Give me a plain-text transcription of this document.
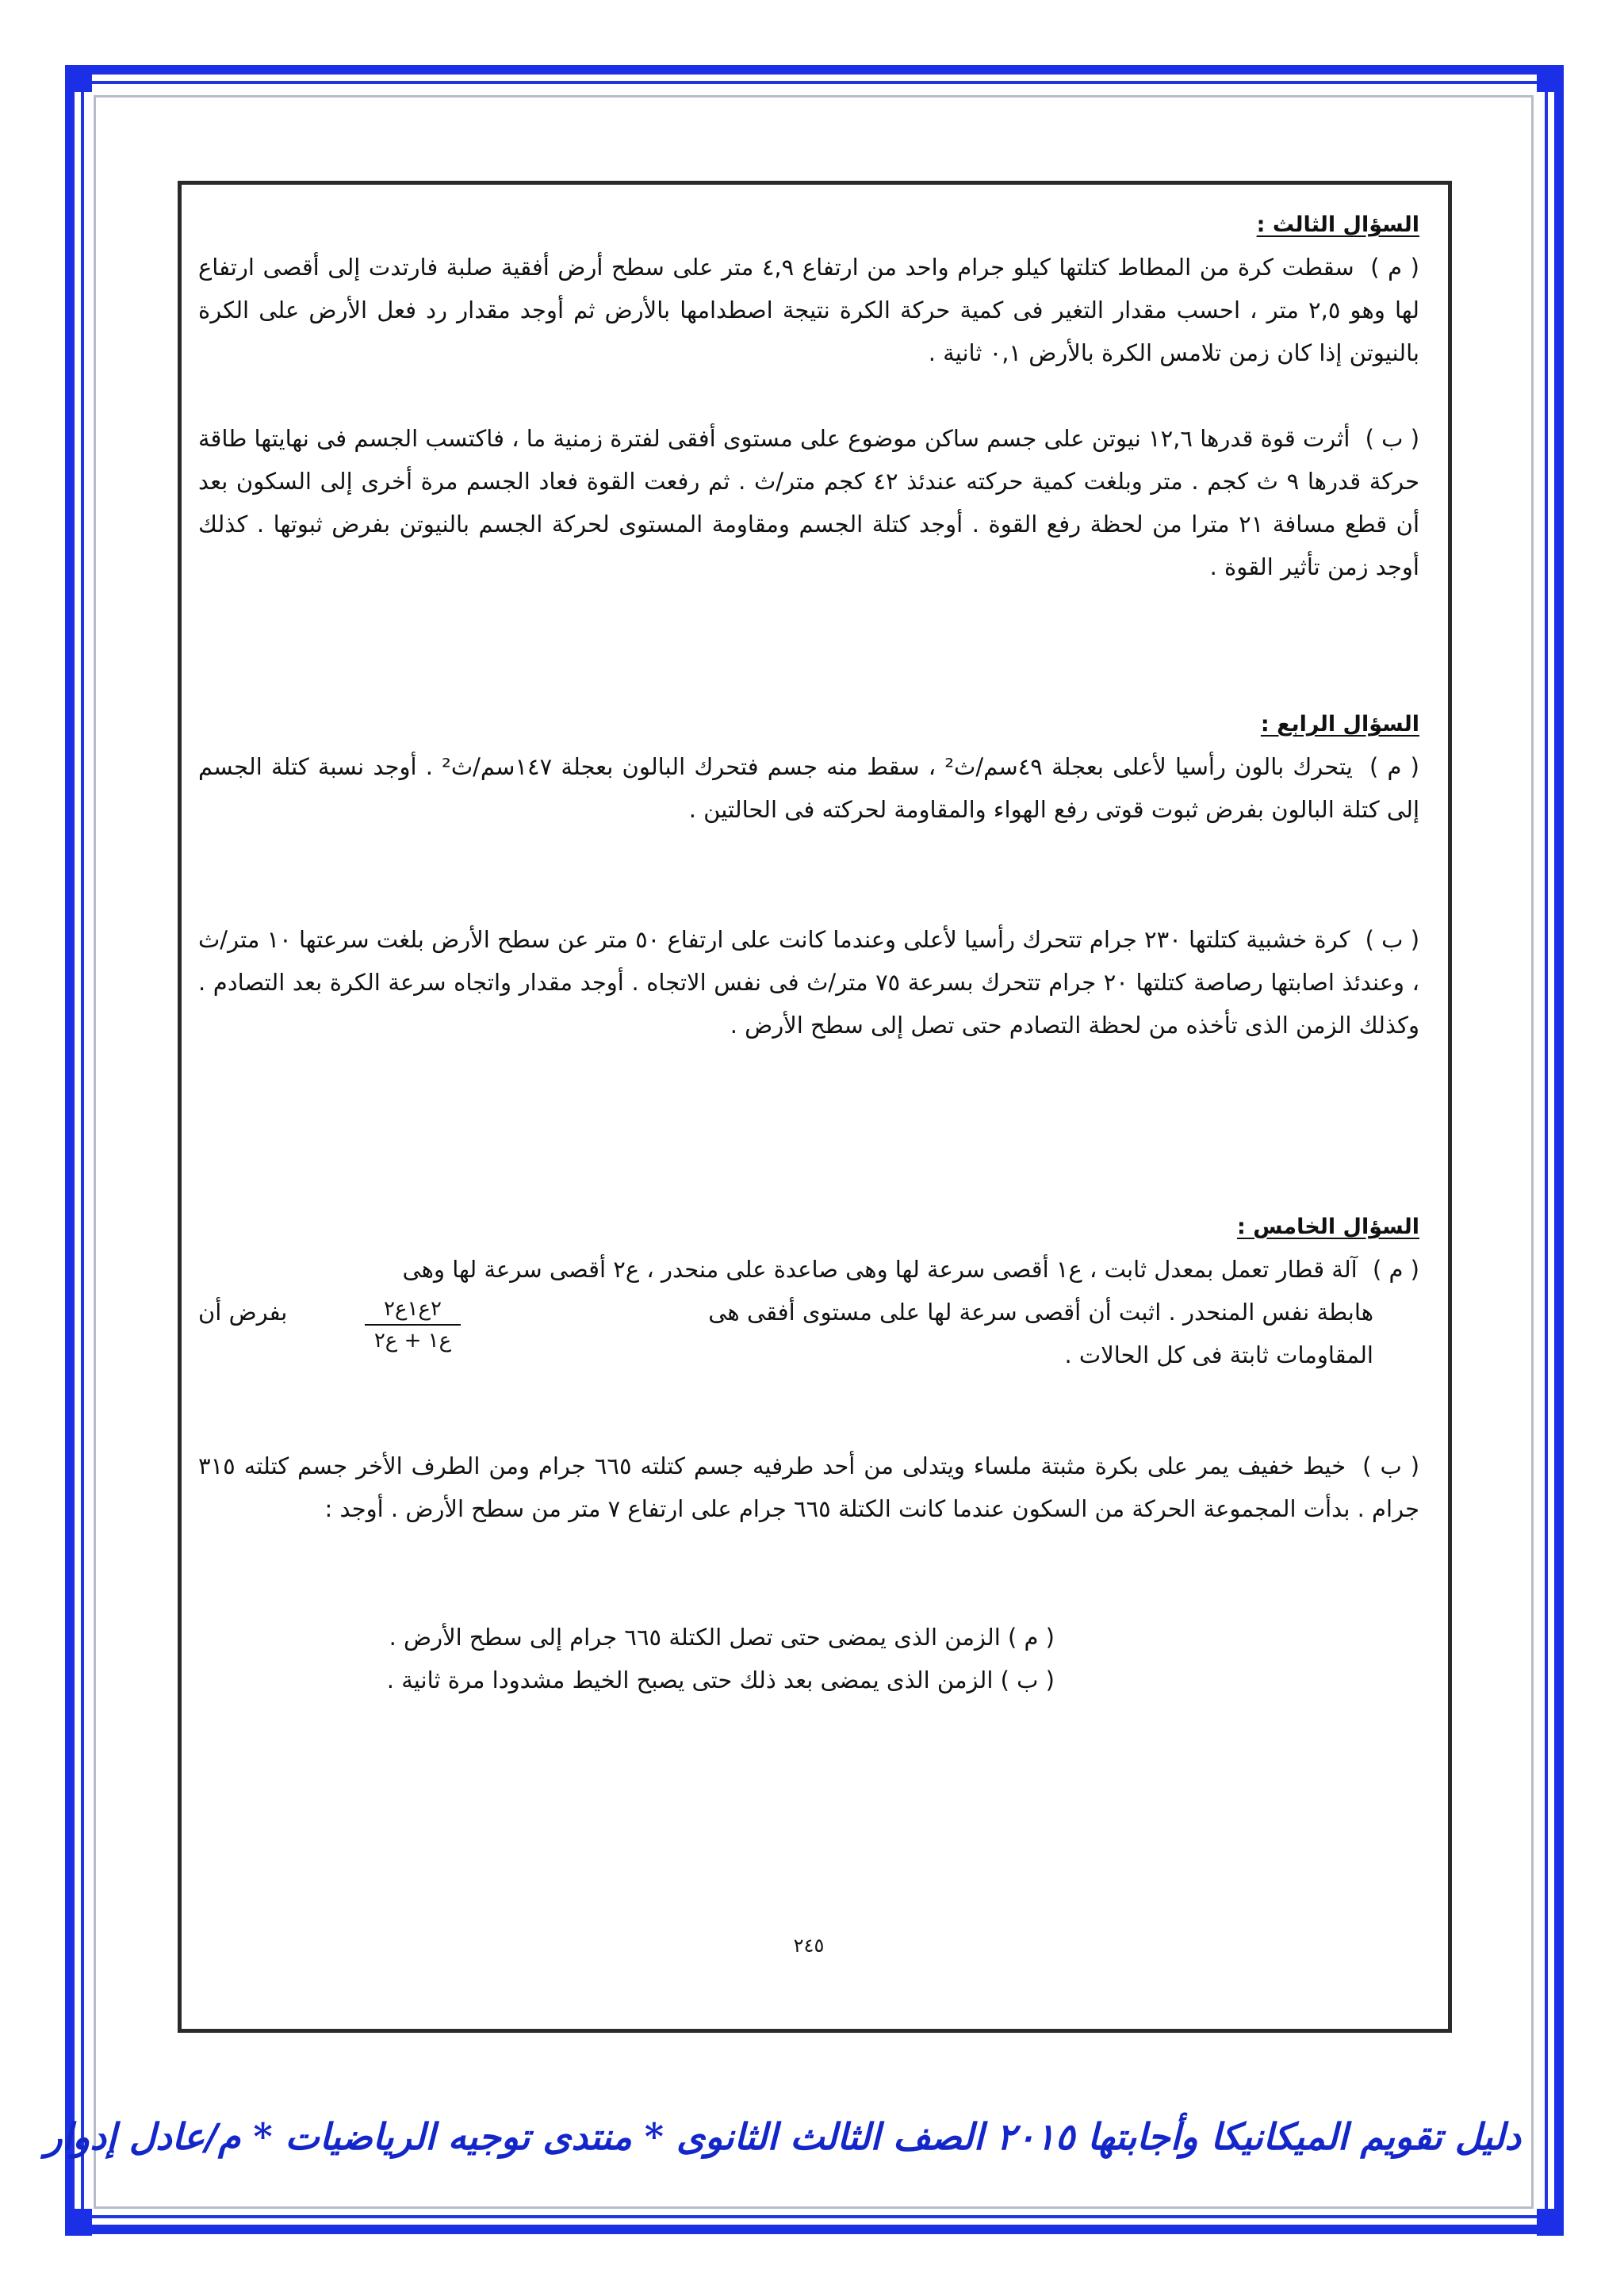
السؤال الثالث :
( م ) سقطت كرة من المطاط كتلتها كيلو جرام واحد من ارتفاع ٤,٩ متر على سطح أرض أفقية صلبة فارتدت إلى أقصى ارتفاع لها وهو ٢,٥ متر ، احسب مقدار التغير فى كمية حركة الكرة نتيجة اصطدامها بالأرض ثم أوجد مقدار رد فعل الأرض على الكرة بالنيوتن إذا كان زمن تلامس الكرة بالأرض ٠,١ ثانية .
( ب ) أثرت قوة قدرها ١٢,٦ نيوتن على جسم ساكن موضوع على مستوى أفقى لفترة زمنية ما ، فاكتسب الجسم فى نهايتها طاقة حركة قدرها ٩ ث كجم . متر وبلغت كمية حركته عندئذ ٤٢ كجم متر/ث . ثم رفعت القوة فعاد الجسم مرة أخرى إلى السكون بعد أن قطع مسافة ٢١ مترا من لحظة رفع القوة . أوجد كتلة الجسم ومقاومة المستوى لحركة الجسم بالنيوتن بفرض ثبوتها . كذلك أوجد زمن تأثير القوة .
السؤال الرابع :
( م ) يتحرك بالون رأسيا لأعلى بعجلة ٤٩سم/ث² ، سقط منه جسم فتحرك البالون بعجلة ١٤٧سم/ث² . أوجد نسبة كتلة الجسم إلى كتلة البالون بفرض ثبوت قوتى رفع الهواء والمقاومة لحركته فى الحالتين .
( ب ) كرة خشبية كتلتها ٢٣٠ جرام تتحرك رأسيا لأعلى وعندما كانت على ارتفاع ٥٠ متر عن سطح الأرض بلغت سرعتها ١٠ متر/ث ، وعندئذ اصابتها رصاصة كتلتها ٢٠ جرام تتحرك بسرعة ٧٥ متر/ث فى نفس الاتجاه . أوجد مقدار واتجاه سرعة الكرة بعد التصادم . وكذلك الزمن الذى تأخذه من لحظة التصادم حتى تصل إلى سطح الأرض .
السؤال الخامس :
( م ) آلة قطار تعمل بمعدل ثابت ، ع١ أقصى سرعة لها وهى صاعدة على منحدر ، ع٢ أقصى سرعة لها وهى
هابطة نفس المنحدر . اثبت أن أقصى سرعة لها على مستوى أفقى هى
بفرض أن
المقاومات ثابتة فى كل الحالات .
٢ع١ع٢
ع١ + ع٢
( ب ) خيط خفيف يمر على بكرة مثبتة ملساء ويتدلى من أحد طرفيه جسم كتلته ٦٦٥ جرام ومن الطرف الأخر جسم كتلته ٣١٥ جرام . بدأت المجموعة الحركة من السكون عندما كانت الكتلة ٦٦٥ جرام على ارتفاع ٧ متر من سطح الأرض . أوجد :
( م ) الزمن الذى يمضى حتى تصل الكتلة ٦٦٥ جرام إلى سطح الأرض .
( ب ) الزمن الذى يمضى بعد ذلك حتى يصبح الخيط مشدودا مرة ثانية .
٢٤٥
دليل تقويم الميكانيكا وأجابتها ٢٠١٥ الصف الثالث الثانوى * منتدى توجيه الرياضيات * م/عادل إدوار
